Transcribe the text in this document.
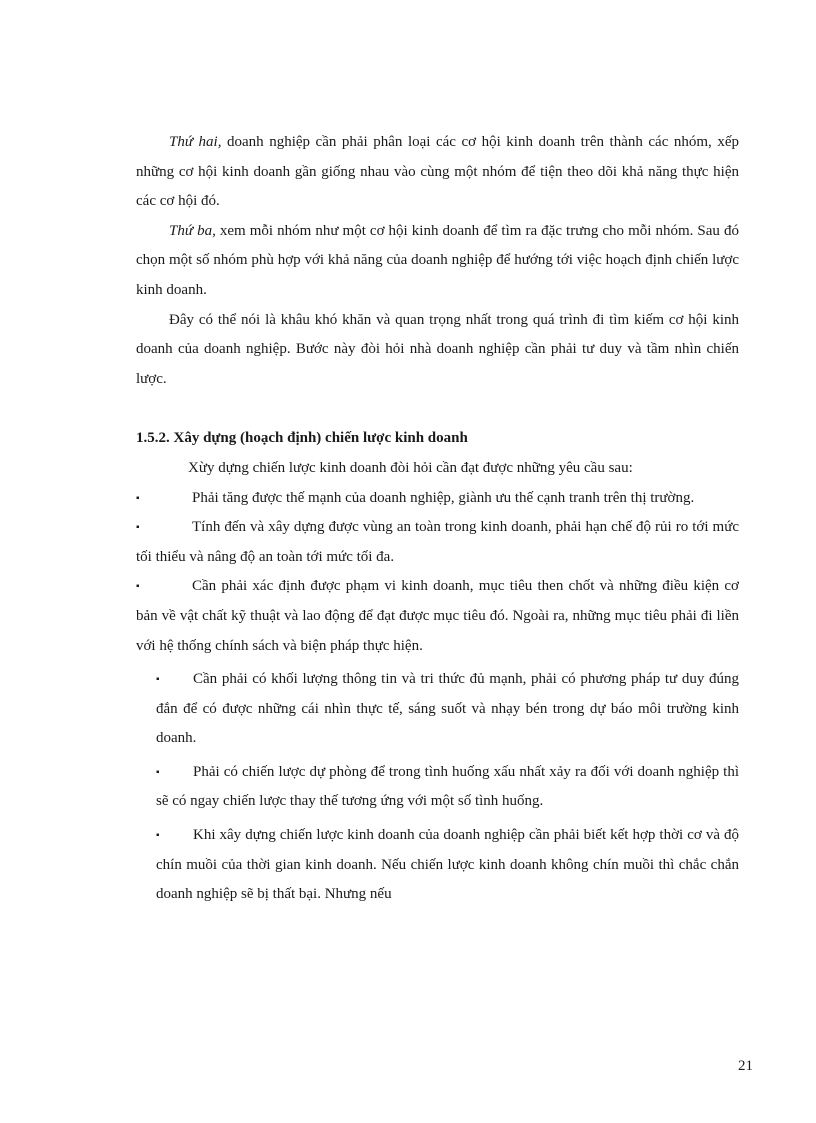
Thứ hai, doanh nghiệp cần phải phân loại các cơ hội kinh doanh trên thành các nhóm, xếp những cơ hội kinh doanh gần giống nhau vào cùng một nhóm để tiện theo dõi khả năng thực hiện các cơ hội đó.

Thứ ba, xem mỗi nhóm như một cơ hội kinh doanh để tìm ra đặc trưng cho mỗi nhóm. Sau đó chọn một số nhóm phù hợp với khả năng của doanh nghiệp để hướng tới việc hoạch định chiến lược kinh doanh.

Đây có thể nói là khâu khó khăn và quan trọng nhất trong quá trình đi tìm kiếm cơ hội kinh doanh của doanh nghiệp. Bước này đòi hỏi nhà doanh nghiệp cần phải tư duy và tầm nhìn chiến lược.

1.5.2. Xây dựng (hoạch định) chiến lược kinh doanh

Xừy dựng chiến lược kinh doanh đòi hỏi cần đạt được những yêu cầu sau:

▪	Phải tăng được thế mạnh của doanh nghiệp, giành ưu thế cạnh tranh trên thị trường.

▪	Tính đến và xây dựng được vùng an toàn trong kinh doanh, phải hạn chế độ rủi ro tới mức tối thiểu và nâng độ an toàn tới mức tối đa.

▪	Cần phải xác định được phạm vi kinh doanh, mục tiêu then chốt và những điều kiện cơ bản về vật chất kỹ thuật và lao động để đạt được mục tiêu đó. Ngoài ra, những mục tiêu phải đi liền với hệ thống chính sách và biện pháp thực hiện.

▪ Cần phải có khối lượng thông tin và tri thức đủ mạnh, phải có phương pháp tư duy đúng đắn để có được những cái nhìn thực tế, sáng suốt và nhạy bén trong dự báo môi trường kinh doanh.

▪ Phải có chiến lược dự phòng để trong tình huống xấu nhất xảy ra đối với doanh nghiệp thì sẽ có ngay chiến lược thay thế tương ứng với một số tình huống.

▪ Khi xây dựng chiến lược kinh doanh của doanh nghiệp cần phải biết kết hợp thời cơ và độ chín muồi của thời gian kinh doanh. Nếu chiến lược kinh doanh không chín muồi thì chắc chắn doanh nghiệp sẽ bị thất bại. Nhưng nếu

21
